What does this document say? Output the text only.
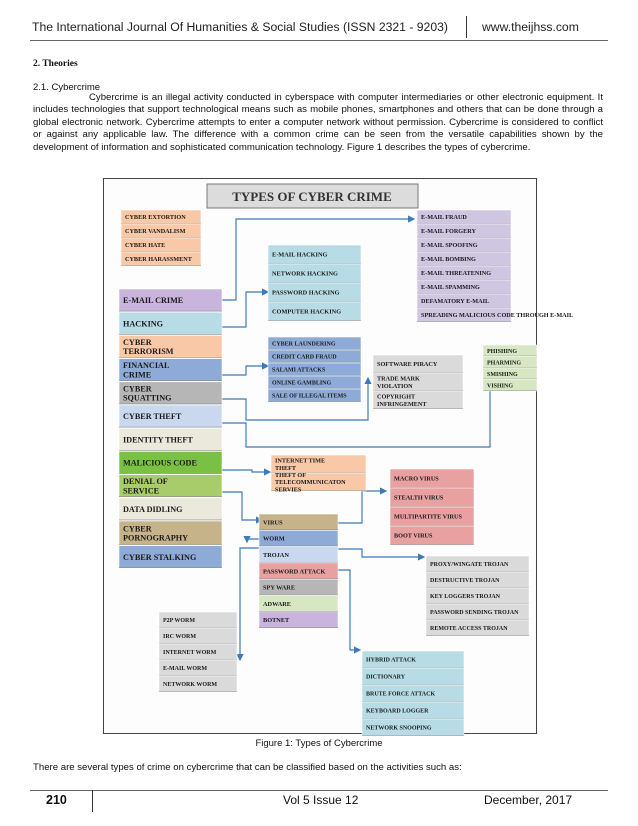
The International Journal Of Humanities & Social Studies (ISSN 2321 - 9203)	www.theijhss.com
2. Theories
2.1. Cybercrime
Cybercrime is an illegal activity conducted in cyberspace with computer intermediaries or other electronic equipment. It includes technologies that support technological means such as mobile phones, smartphones and others that can be done through a global electronic network. Cybercrime attempts to enter a computer network without permission. Cybercrime is considered to conflict or against any applicable law. The difference with a common crime can be seen from the versatile capabilities shown by the development of information and sophisticated communication technology. Figure 1 describes the types of cybercrime.
TYPES OF CYBER CRIME
CYBER EXTORTION
CYBER VANDALISM
CYBER HATE
CYBER HARASSMENT
E-MAIL FRAUD
E-MAIL FORGERY
E-MAIL SPOOFING
E-MAIL BOMBING
E-MAIL THREATENING
E-MAIL SPAMMING
DEFAMATORY E-MAIL
SPREADING MALICIOUS CODE THROUGH E-MAIL
E-MAIL HACKING
NETWORK HACKING
PASSWORD HACKING
COMPUTER HACKING
E-MAIL CRIME
HACKING
CYBER
TERRORISM
FINANCIAL
CRIME
CYBER
SQUATTING
CYBER THEFT
IDENTITY THEFT
MALICIOUS CODE
DENIAL OF
SERVICE
DATA DIDLING
CYBER
PORNOGRAPHY
CYBER STALKING
CYBER LAUNDERING
CREDIT CARD FRAUD
SALAMI ATTACKS
ONLINE GAMBLING
SALE OF ILLEGAL ITEMS
SOFTWARE PIRACY
TRADE MARK
VIOLATION
COPYRIGHT
INFRINGEMENT
PHISHING
PHARMING
SMISHING
VISHING
INTERNET TIME
THEFT
THEFT OF
TELECOMMUNICATON
SERVIES
MACRO VIRUS
STEALTH VIRUS
MULTIPARTITE VIRUS
BOOT VIRUS
VIRUS
WORM
TROJAN
PASSWORD ATTACK
SPY WARE
ADWARE
BOTNET
PROXY/WINGATE TROJAN
DESTRUCTIVE TROJAN
KEY LOGGERS TROJAN
PASSWORD SENDING TROJAN
REMOTE ACCESS TROJAN
P2P WORM
IRC WORM
INTERNET WORM
E-MAIL WORM
NETWORK WORM
HYBRID ATTACK
DICTIONARY
BRUTE FORCE ATTACK
KEYBOARD LOGGER
NETWORK SNOOPING
Figure 1: Types of Cybercrime
There are several types of crime on cybercrime that can be classified based on the activities such as:
210	Vol 5 Issue 12	December, 2017
